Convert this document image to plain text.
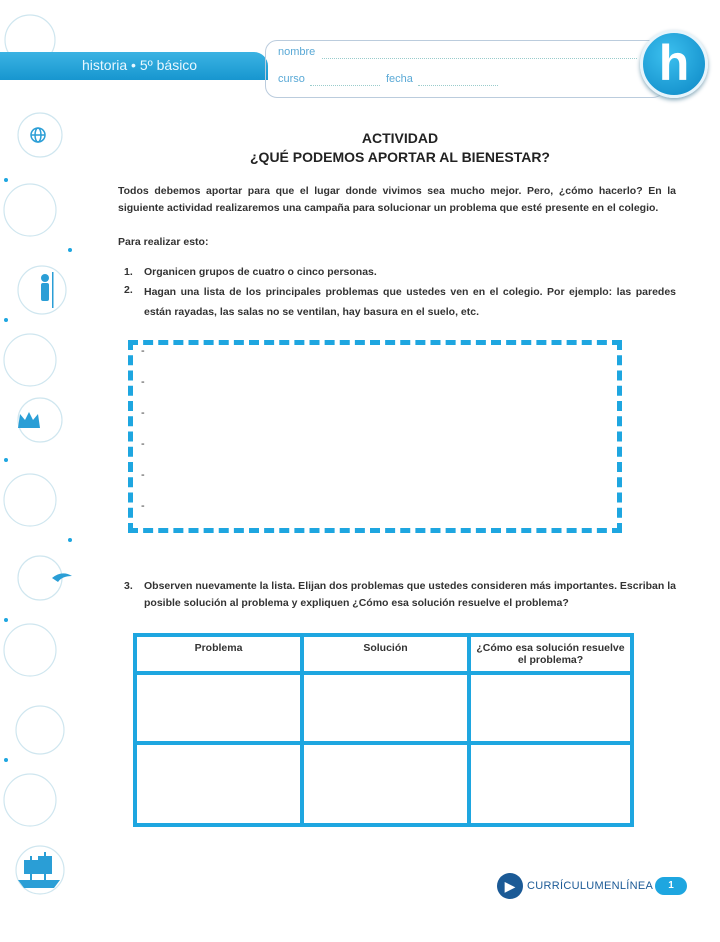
historia • 5º básico
nombre
curso	fecha	h
ACTIVIDAD
¿QUÉ PODEMOS APORTAR AL BIENESTAR?
Todos debemos aportar para que el lugar donde vivimos sea mucho mejor. Pero, ¿cómo hacerlo? En la siguiente actividad realizaremos una campaña para solucionar un problema que esté presente en el colegio.
Para realizar esto:
1. Organicen grupos de cuatro o cinco personas.
2. Hagan una lista de los principales problemas que ustedes ven en el colegio. Por ejemplo: las paredes están rayadas, las salas no se ventilan, hay basura en el suelo, etc.
-
-
-
-
-
-
3. Observen nuevamente la lista. Elijan dos problemas que ustedes consideren más importantes. Escriban la posible solución al problema y expliquen ¿Cómo esa solución resuelve el problema?
Problema	Solución	¿Cómo esa solución resuelve el problema?

▶	CURRÍCULUMENLÍNEA	1
